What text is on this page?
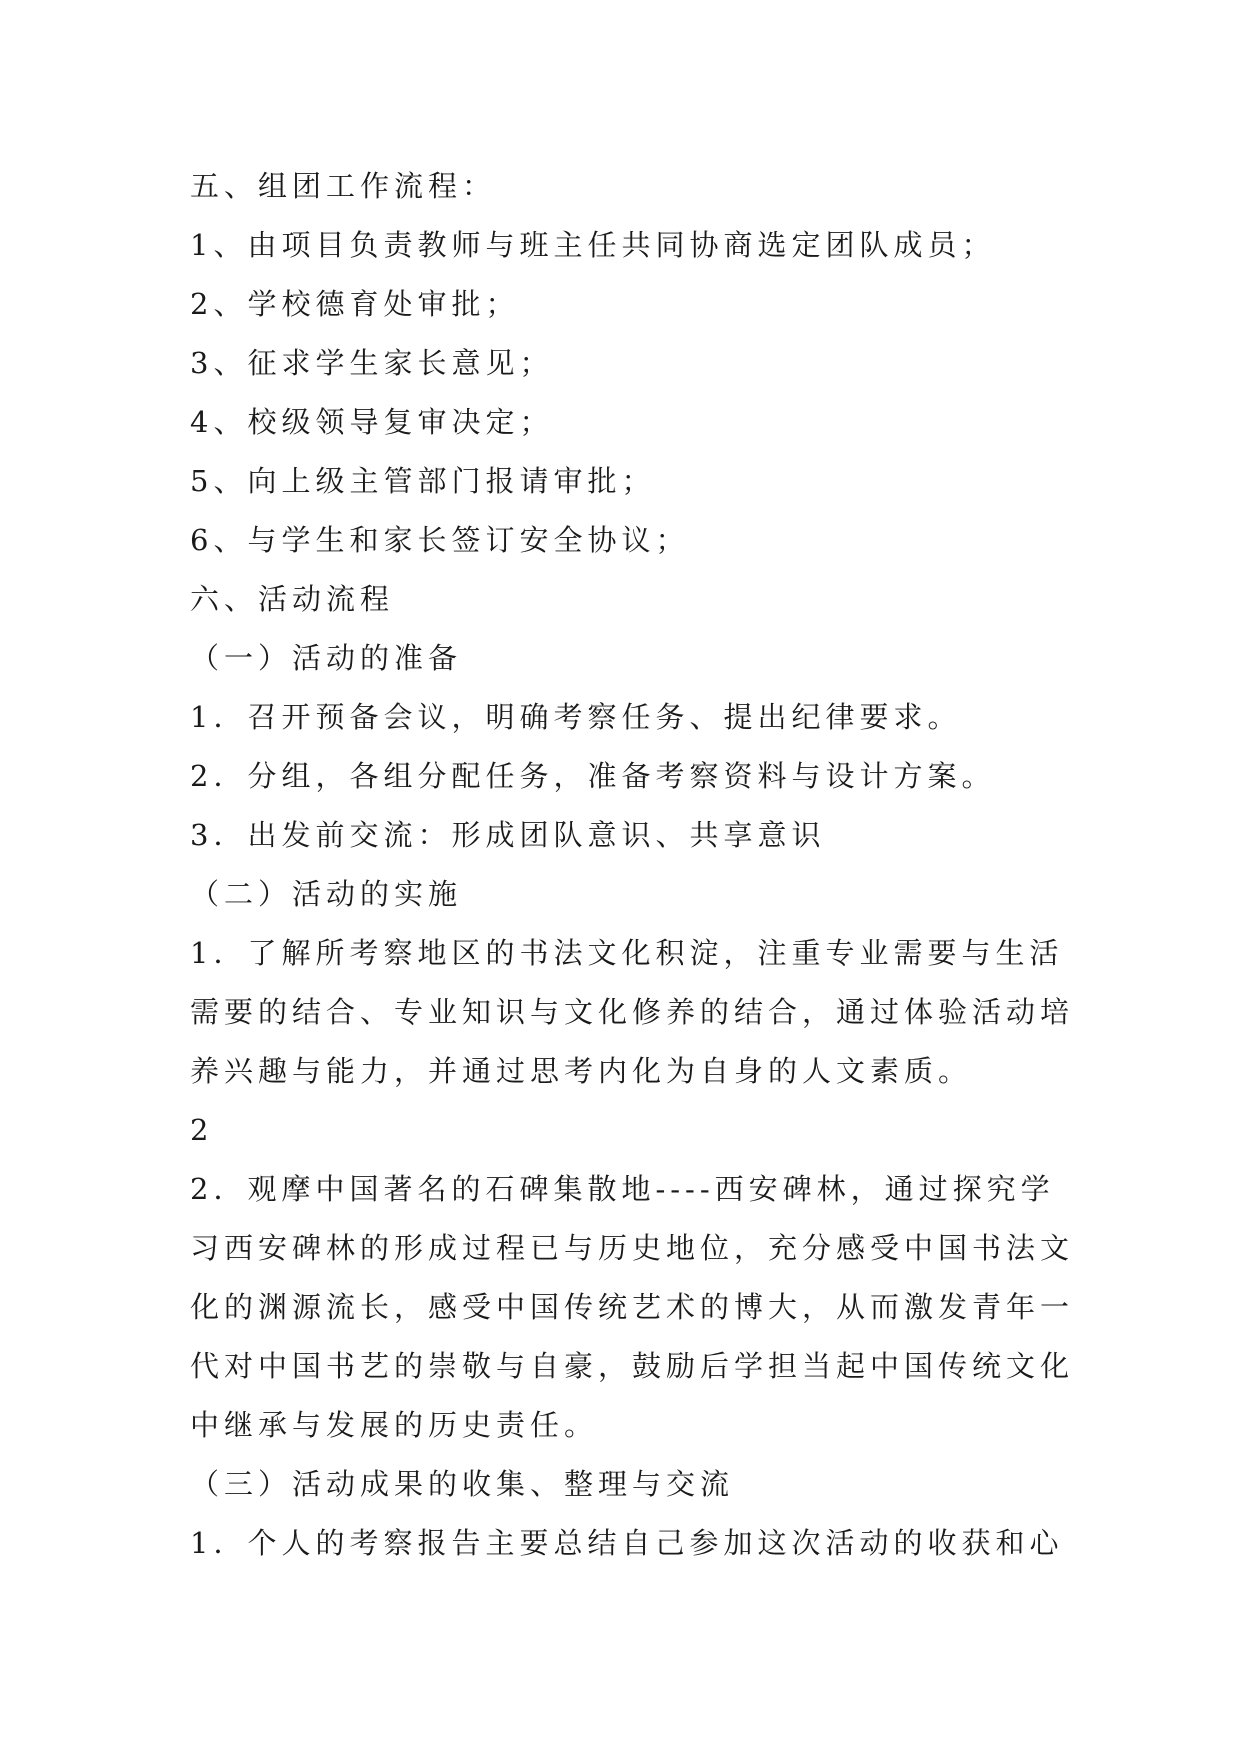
五、组团工作流程：
1、由项目负责教师与班主任共同协商选定团队成员；
2、学校德育处审批；
3、征求学生家长意见；
4、校级领导复审决定；
5、向上级主管部门报请审批；
6、与学生和家长签订安全协议；
六、活动流程
（一）活动的准备
1．召开预备会议，明确考察任务、提出纪律要求。
2．分组，各组分配任务，准备考察资料与设计方案。
3．出发前交流：形成团队意识、共享意识
（二）活动的实施
1．了解所考察地区的书法文化积淀，注重专业需要与生活
需要的结合、专业知识与文化修养的结合，通过体验活动培
养兴趣与能力，并通过思考内化为自身的人文素质。
2
2．观摩中国著名的石碑集散地----西安碑林，通过探究学
习西安碑林的形成过程已与历史地位，充分感受中国书法文
化的渊源流长，感受中国传统艺术的博大，从而激发青年一
代对中国书艺的崇敬与自豪，鼓励后学担当起中国传统文化
中继承与发展的历史责任。
（三）活动成果的收集、整理与交流
1．个人的考察报告主要总结自己参加这次活动的收获和心
